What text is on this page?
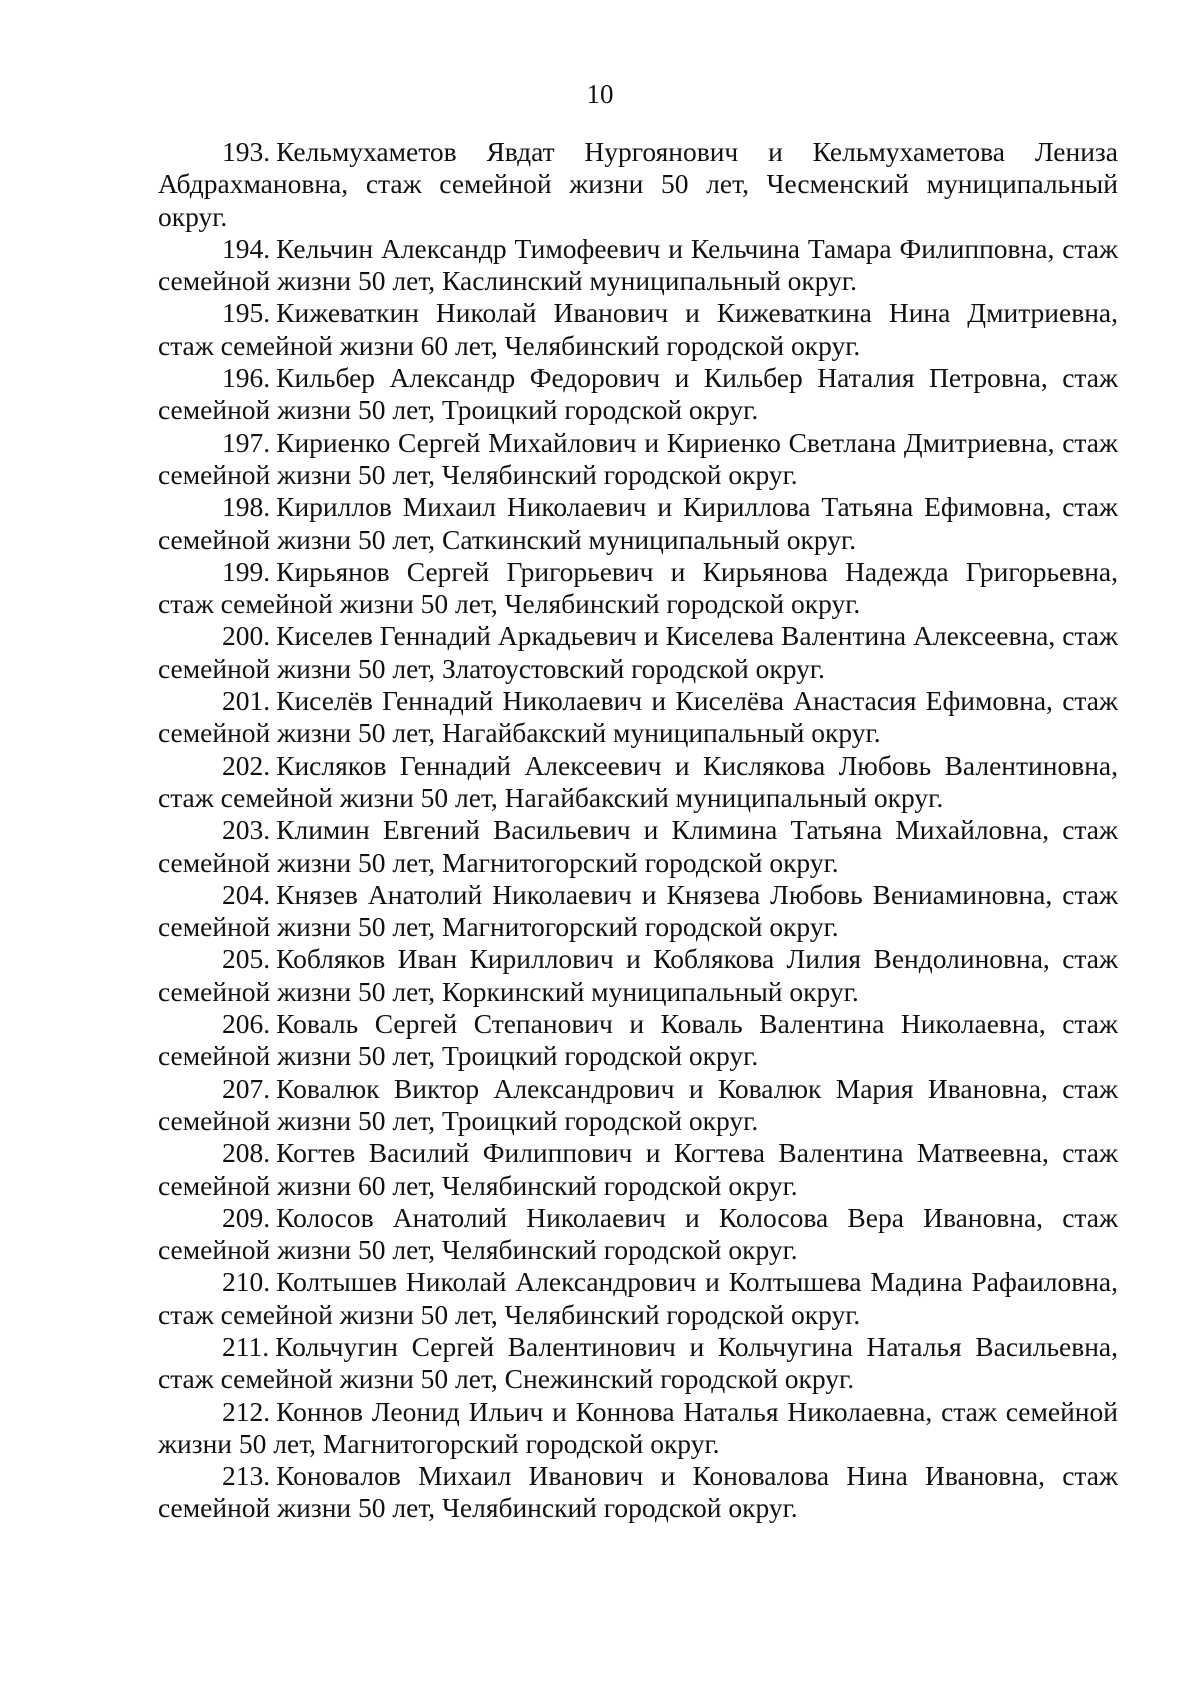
10

193. Кельмухаметов Явдат Нургоянович и Кельмухаметова Лениза Абдрахмановна, стаж семейной жизни 50 лет, Чесменский муниципальный округ.

194. Кельчин Александр Тимофеевич и Кельчина Тамара Филипповна, стаж семейной жизни 50 лет, Каслинский муниципальный округ.

195. Кижеваткин Николай Иванович и Кижеваткина Нина Дмитриевна, стаж семейной жизни 60 лет, Челябинский городской округ.

196. Кильбер Александр Федорович и Кильбер Наталия Петровна, стаж семейной жизни 50 лет, Троицкий городской округ.

197. Кириенко Сергей Михайлович и Кириенко Светлана Дмитриевна, стаж семейной жизни 50 лет, Челябинский городской округ.

198. Кириллов Михаил Николаевич и Кириллова Татьяна Ефимовна, стаж семейной жизни 50 лет, Саткинский муниципальный округ.

199. Кирьянов Сергей Григорьевич и Кирьянова Надежда Григорьевна, стаж семейной жизни 50 лет, Челябинский городской округ.

200. Киселев Геннадий Аркадьевич и Киселева Валентина Алексеевна, стаж семейной жизни 50 лет, Златоустовский городской округ.

201. Киселёв Геннадий Николаевич и Киселёва Анастасия Ефимовна, стаж семейной жизни 50 лет, Нагайбакский муниципальный округ.

202. Кисляков Геннадий Алексеевич и Кислякова Любовь Валентиновна, стаж семейной жизни 50 лет, Нагайбакский муниципальный округ.

203. Климин Евгений Васильевич и Климина Татьяна Михайловна, стаж семейной жизни 50 лет, Магнитогорский городской округ.

204. Князев Анатолий Николаевич и Князева Любовь Вениаминовна, стаж семейной жизни 50 лет, Магнитогорский городской округ.

205. Кобляков Иван Кириллович и Коблякова Лилия Вендолиновна, стаж семейной жизни 50 лет, Коркинский муниципальный округ.

206. Коваль Сергей Степанович и Коваль Валентина Николаевна, стаж семейной жизни 50 лет, Троицкий городской округ.

207. Ковалюк Виктор Александрович и Ковалюк Мария Ивановна, стаж семейной жизни 50 лет, Троицкий городской округ.

208. Когтев Василий Филиппович и Когтева Валентина Матвеевна, стаж семейной жизни 60 лет, Челябинский городской округ.

209. Колосов Анатолий Николаевич и Колосова Вера Ивановна, стаж семейной жизни 50 лет, Челябинский городской округ.

210. Колтышев Николай Александрович и Колтышева Мадина Рафаиловна, стаж семейной жизни 50 лет, Челябинский городской округ.

211. Кольчугин Сергей Валентинович и Кольчугина Наталья Васильевна, стаж семейной жизни 50 лет, Снежинский городской округ.

212. Коннов Леонид Ильич и Коннова Наталья Николаевна, стаж семейной жизни 50 лет, Магнитогорский городской округ.

213. Коновалов Михаил Иванович и Коновалова Нина Ивановна, стаж семейной жизни 50 лет, Челябинский городской округ.
